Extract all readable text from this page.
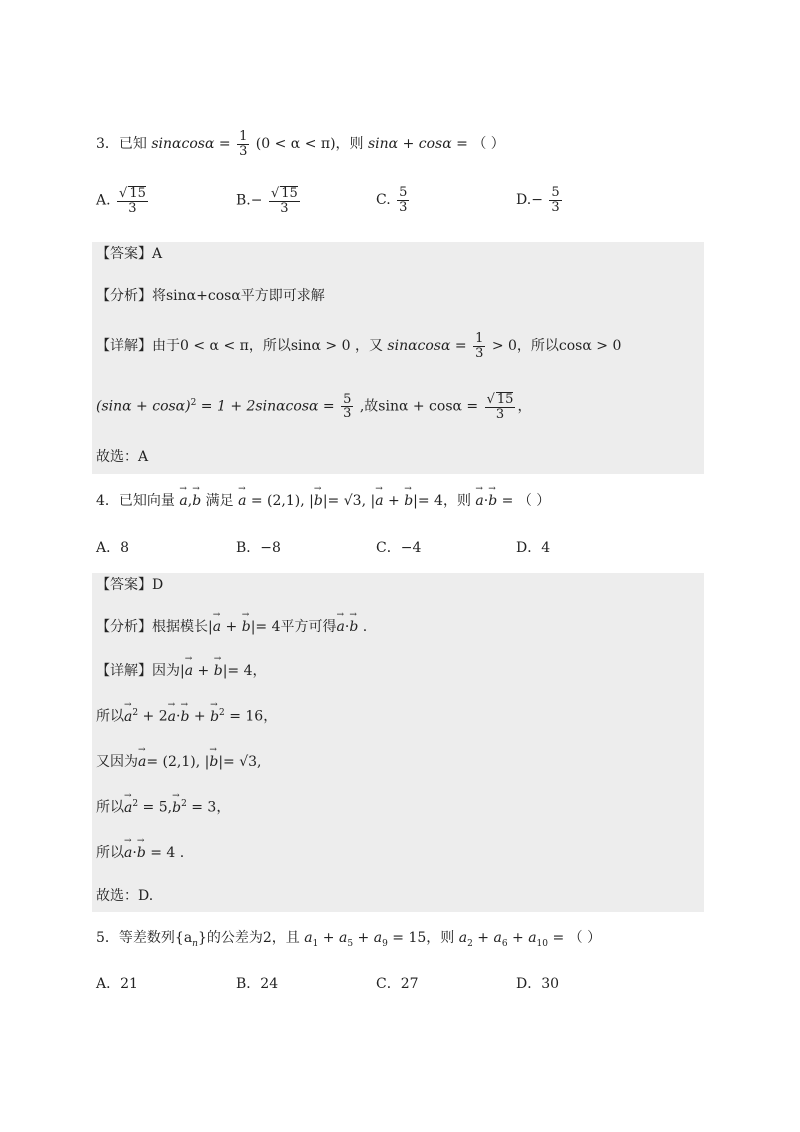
3．已知 $\sin\alpha\cos\alpha = \frac{1}{3} (0 < \alpha < \pi)$，则 sinα + cosα = （ ）
A. $\frac{√ 15}{3}$	$B.- \frac{√ 15}{3}$	C. $\frac{5}{3}$	$D.- \frac{5}{3}$
【答案】A
【分析】将sinα+cosα平方即可求解
【详解】由于0 < α < π，所以sinα > 0 ，又 $\sin\alpha\cos\alpha = \frac{1}{3} > 0$，所以cosα > 0
$(\sin\alpha + \cos\alpha)^2 = 1 + 2\sin\alpha\cos\alpha = \frac{5}{3}$ ,故$\sin\alpha + \cos\alpha = \frac{√ 15}{3}$ ，
故选：A
4．已知向量 → a,→ b 满足 → a = (2,1), |→ b|= √3, |→ a + → b|= 4，则 → a·→ b = （ ）
A．8	B．−8	C．−4	D．4
【答案】D
【分析】根据模长|→ a + → b|= 4平方可得→ a·→ b .
【详解】因为|→ a + → b|= 4，
所以→ $a^2 + 2\to a\cdot\to b$ + → $b^2 = 16$，
又因为→ a= (2,1), |→ b|= √3,
所以→ $a^2 = 5,\to b^2 = 3$，
所以→ a·→ b = 4 .
故选：D.
5．等差数列$\{a_n\}$的公差为2，且 $a_1 + a_5 + a_9 = 15$，则 $a_2 + a_6 + a_{10}$ = （ ）
A．21	B．24	C．27	D．30
